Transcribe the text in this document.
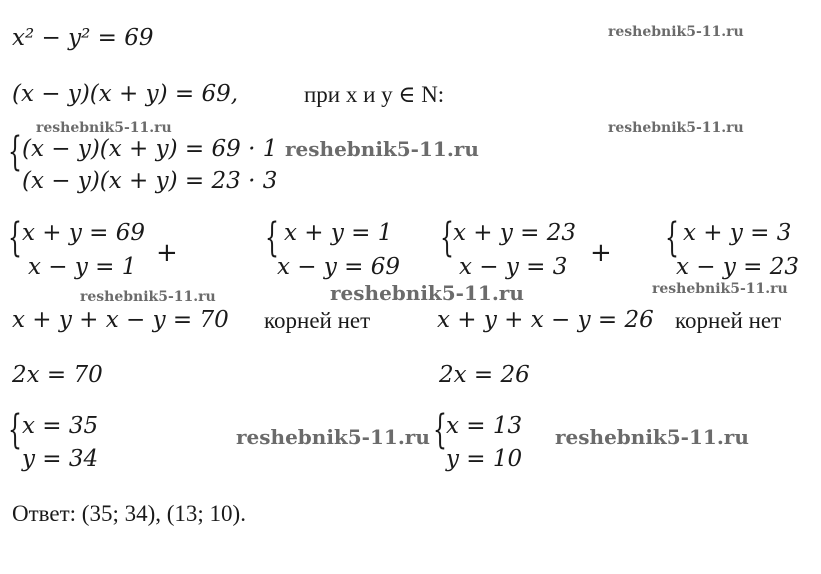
x² − y² = 69
(x − y)(x + y) = 69,	при x и y ∈ N:
{ (x − y)(x + y) = 69 · 1
(x − y)(x + y) = 23 · 3
{ x + y = 69
x − y = 1 + { x + y = 1
x − y = 69
{ x + y = 23
x − y = 3 + { x + y = 3
x − y = 23
x + y + x − y = 70 корней нет	x + y + x − y = 26 корней нет
2x = 70	2x = 26
{ x = 35
y = 34
{ x = 13
y = 10
Ответ: (35; 34), (13; 10).
reshebnik5-11.ru
reshebnik5-11.ru	reshebnik5-11.ru
reshebnik5-11.ru
reshebnik5-11.ru	reshebnik5-11.ru	reshebnik5-11.ru
reshebnik5-11.ru	reshebnik5-11.ru
